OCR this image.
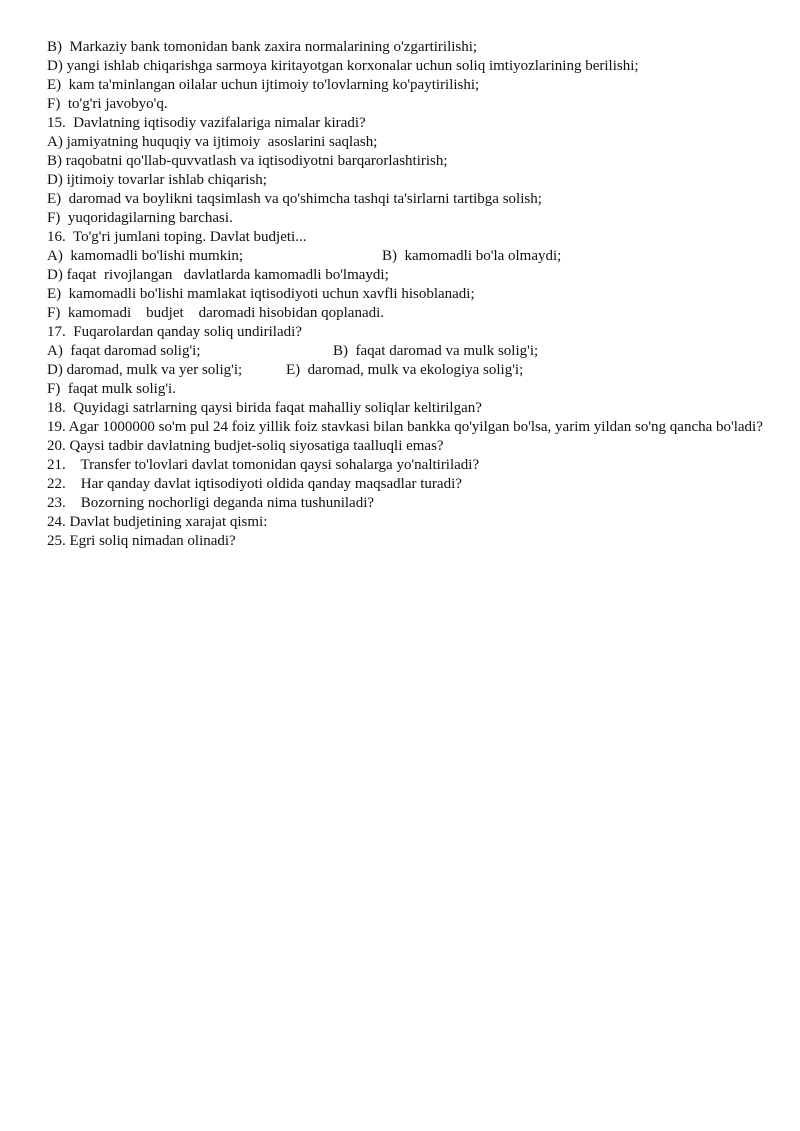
B)  Markaziy bank tomonidan bank zaxira normalarining o'zgartirilishi;
D) yangi ishlab chiqarishga sarmoya kiritayotgan korxonalar uchun soliq imtiyozlarining berilishi;
E)  kam ta'minlangan oilalar uchun ijtimoiy to'lovlarning ko'paytirilishi;
F)  to'g'ri javobyo'q.
15.  Davlatning iqtisodiy vazifalariga nimalar kiradi?
A) jamiyatning huquqiy va ijtimoiy  asoslarini saqlash;
B) raqobatni qo'llab-quvvatlash va iqtisodiyotni barqarorlashtirish;
D) ijtimoiy tovarlar ishlab chiqarish;
E)  daromad va boylikni taqsimlash va qo'shimcha tashqi ta'sirlarni tartibga solish;
F)  yuqoridagilarning barchasi.
16.  To'g'ri jumlani toping. Davlat budjeti...
A)  kamomadli bo'lishi mumkin;	B)  kamomadli bo'la olmaydi;
D) faqat  rivojlangan   davlatlarda kamomadli bo'lmaydi;
E)  kamomadli bo'lishi mamlakat iqtisodiyoti uchun xavfli hisoblanadi;
F)  kamomadi    budjet    daromadi hisobidan qoplanadi.
17.  Fuqarolardan qanday soliq undiriladi?
A)  faqat daromad solig'i;	B)  faqat daromad va mulk solig'i;
D) daromad, mulk va yer solig'i;	E)  daromad, mulk va ekologiya solig'i;
F)  faqat mulk solig'i.
18.  Quyidagi satrlarning qaysi birida faqat mahalliy soliqlar keltirilgan?
19. Agar 1000000 so'm pul 24 foiz yillik foiz stavkasi bilan bankka qo'yilgan bo'lsa, yarim yildan so'ng qancha bo'ladi?
20. Qaysi tadbir davlatning budjet-soliq siyosatiga taalluqli emas?
21.    Transfer to'lovlari davlat tomonidan qaysi sohalarga yo'naltiriladi?
22.    Har qanday davlat iqtisodiyoti oldida qanday maqsadlar turadi?
23.    Bozorning nochorligi deganda nima tushuniladi?
24. Davlat budjetining xarajat qismi:
25. Egri soliq nimadan olinadi?
